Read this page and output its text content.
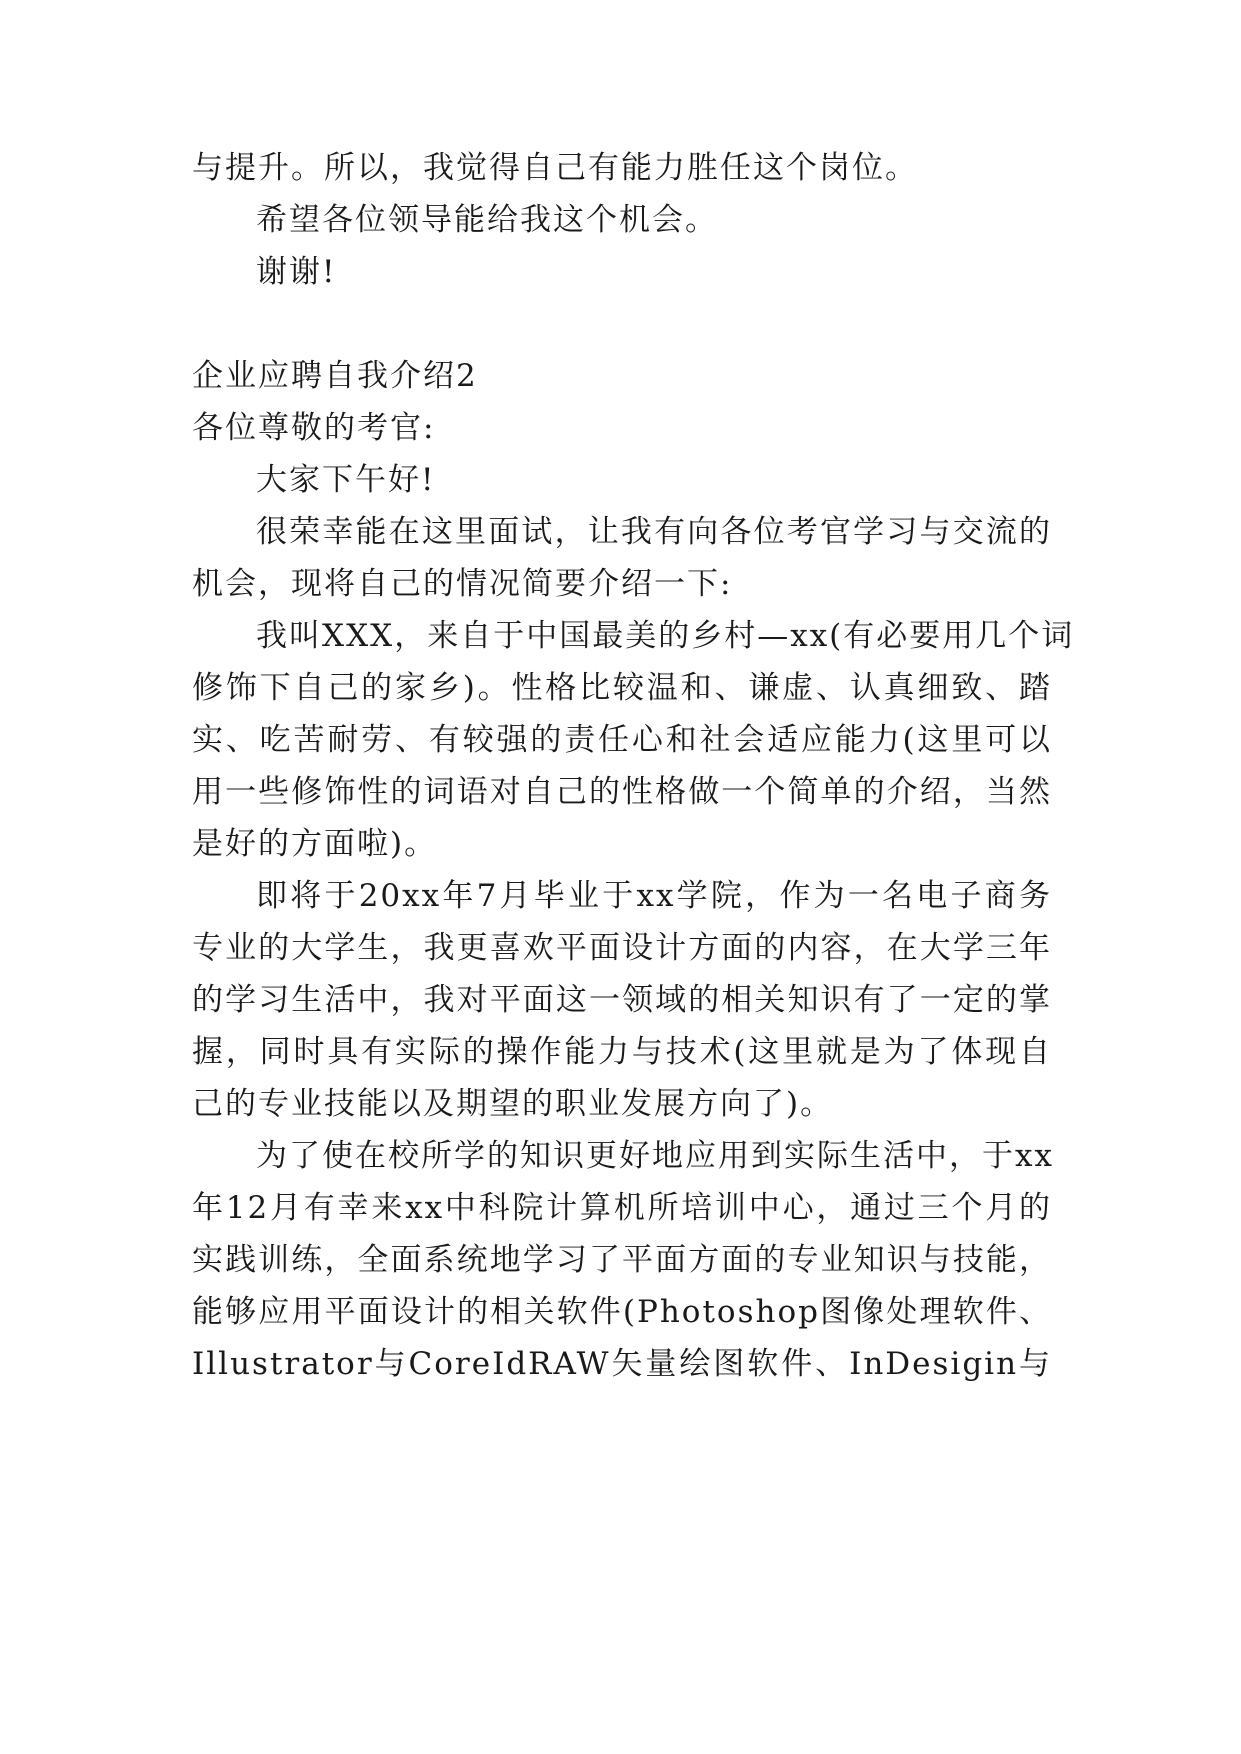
与提升。所以，我觉得自己有能力胜任这个岗位。
希望各位领导能给我这个机会。
谢谢!
企业应聘自我介绍2
各位尊敬的考官:
大家下午好!
很荣幸能在这里面试，让我有向各位考官学习与交流的
机会，现将自己的情况简要介绍一下:
我叫XXX，来自于中国最美的乡村—xx(有必要用几个词
修饰下自己的家乡)。性格比较温和、谦虚、认真细致、踏
实、吃苦耐劳、有较强的责任心和社会适应能力(这里可以
用一些修饰性的词语对自己的性格做一个简单的介绍，当然
是好的方面啦)。
即将于20xx年7月毕业于xx学院，作为一名电子商务
专业的大学生，我更喜欢平面设计方面的内容，在大学三年
的学习生活中，我对平面这一领域的相关知识有了一定的掌
握，同时具有实际的操作能力与技术(这里就是为了体现自
己的专业技能以及期望的职业发展方向了)。
为了使在校所学的知识更好地应用到实际生活中，于xx
年12月有幸来xx中科院计算机所培训中心，通过三个月的
实践训练，全面系统地学习了平面方面的专业知识与技能，
能够应用平面设计的相关软件(Photoshop图像处理软件、
Illustrator与CoreIdRAW矢量绘图软件、InDesigin与
